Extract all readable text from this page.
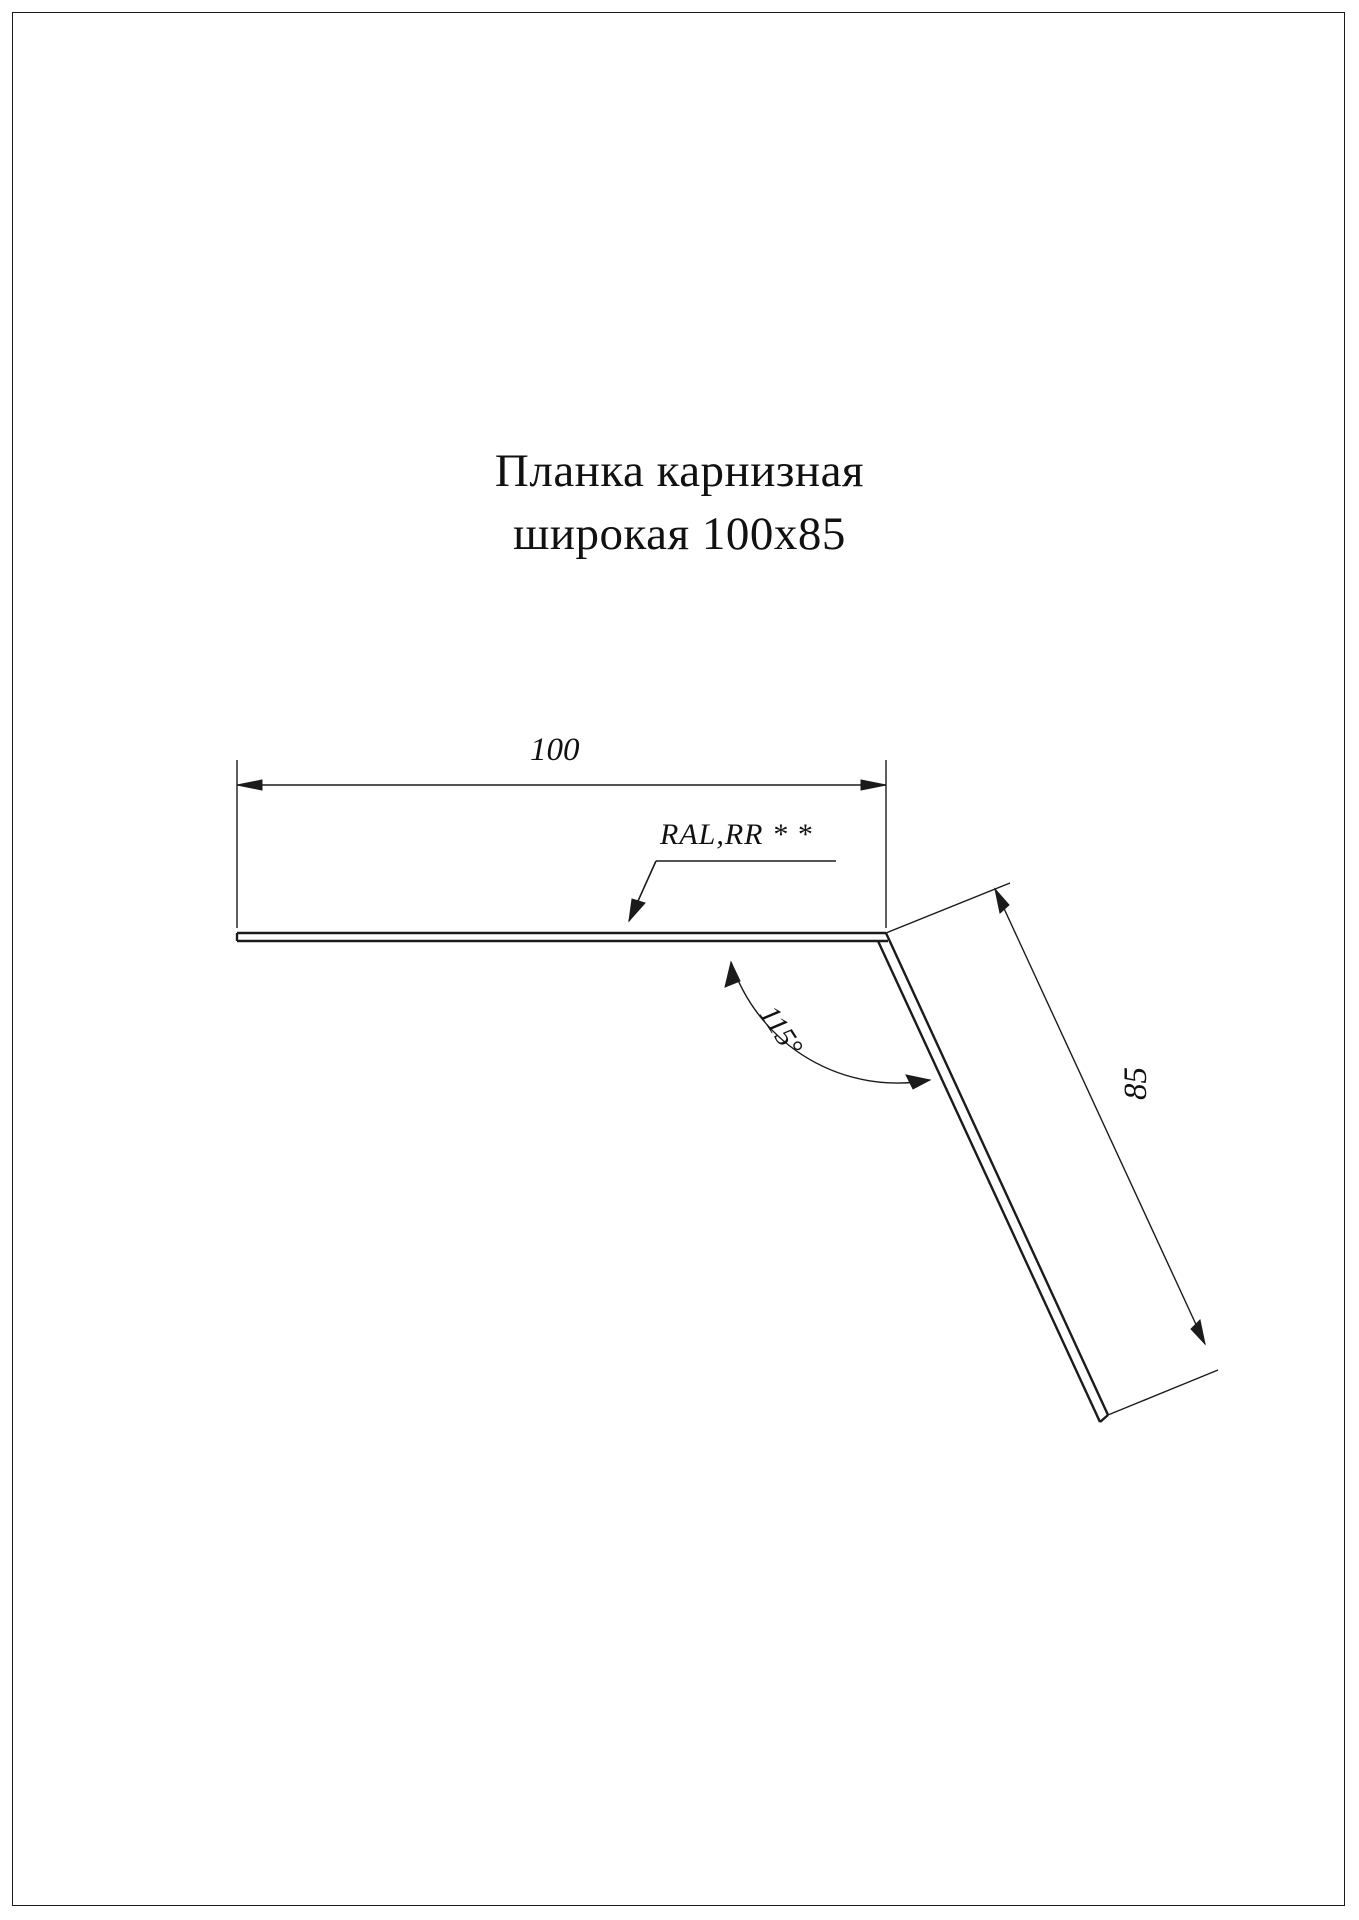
Планка карнизная
широкая 100x85
100
RAL,RR * *
115°
85
